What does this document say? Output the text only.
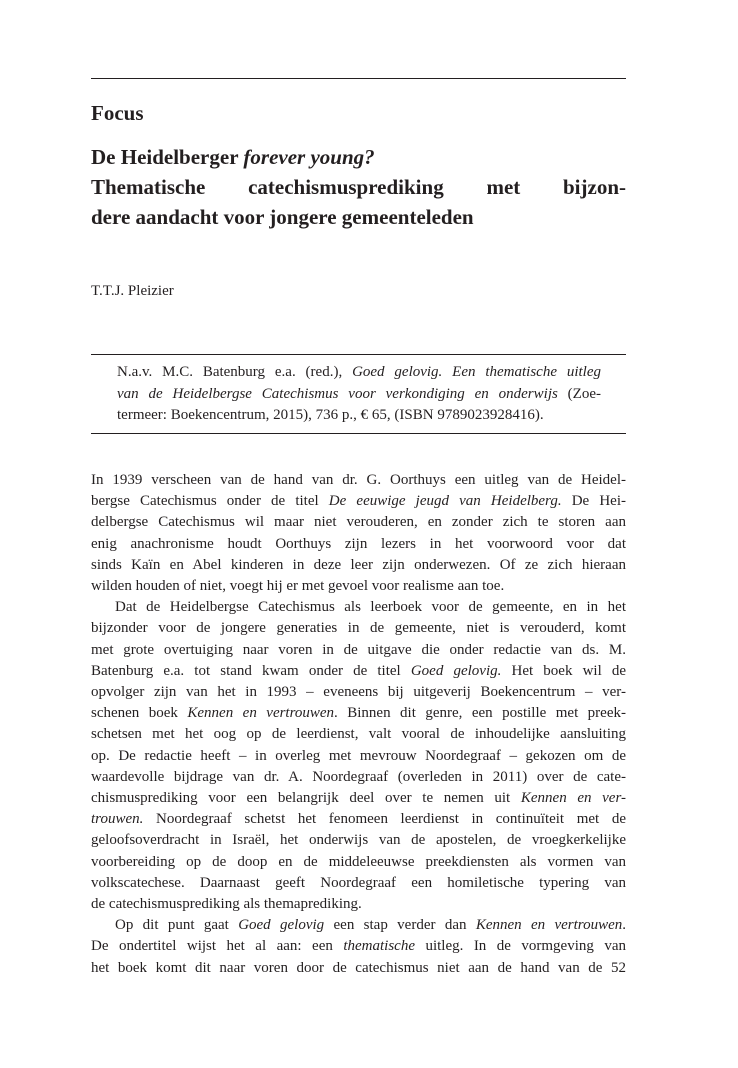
Focus
De Heidelberger forever young?
Thematische catechismusprediking met bijzon-
dere aandacht voor jongere gemeenteleden

T.T.J. Pleizier

N.a.v. M.C. Batenburg e.a. (red.), Goed gelovig. Een thematische uitleg
van de Heidelbergse Catechismus voor verkondiging en onderwijs (Zoe-
termeer: Boekencentrum, 2015), 736 p., € 65, (ISBN 9789023928416).

In 1939 verscheen van de hand van dr. G. Oorthuys een uitleg van de Heidel-
bergse Catechismus onder de titel De eeuwige jeugd van Heidelberg. De Hei-
delbergse Catechismus wil maar niet verouderen, en zonder zich te storen aan
enig anachronisme houdt Oorthuys zijn lezers in het voorwoord voor dat
sinds Kaïn en Abel kinderen in deze leer zijn onderwezen. Of ze zich hieraan
wilden houden of niet, voegt hij er met gevoel voor realisme aan toe.
Dat de Heidelbergse Catechismus als leerboek voor de gemeente, en in het
bijzonder voor de jongere generaties in de gemeente, niet is verouderd, komt
met grote overtuiging naar voren in de uitgave die onder redactie van ds. M.
Batenburg e.a. tot stand kwam onder de titel Goed gelovig. Het boek wil de
opvolger zijn van het in 1993 – eveneens bij uitgeverij Boekencentrum – ver-
schenen boek Kennen en vertrouwen. Binnen dit genre, een postille met preek-
schetsen met het oog op de leerdienst, valt vooral de inhoudelijke aansluiting
op. De redactie heeft – in overleg met mevrouw Noordegraaf – gekozen om de
waardevolle bijdrage van dr. A. Noordegraaf (overleden in 2011) over de cate-
chismusprediking voor een belangrijk deel over te nemen uit Kennen en ver-
trouwen. Noordegraaf schetst het fenomeen leerdienst in continuïteit met de
geloofsoverdracht in Israël, het onderwijs van de apostelen, de vroegkerkelijke
voorbereiding op de doop en de middeleeuwse preekdiensten als vormen van
volkscatechese. Daarnaast geeft Noordegraaf een homiletische typering van
de catechismusprediking als themaprediking.
Op dit punt gaat Goed gelovig een stap verder dan Kennen en vertrouwen.
De ondertitel wijst het al aan: een thematische uitleg. In de vormgeving van
het boek komt dit naar voren door de catechismus niet aan de hand van de 52
